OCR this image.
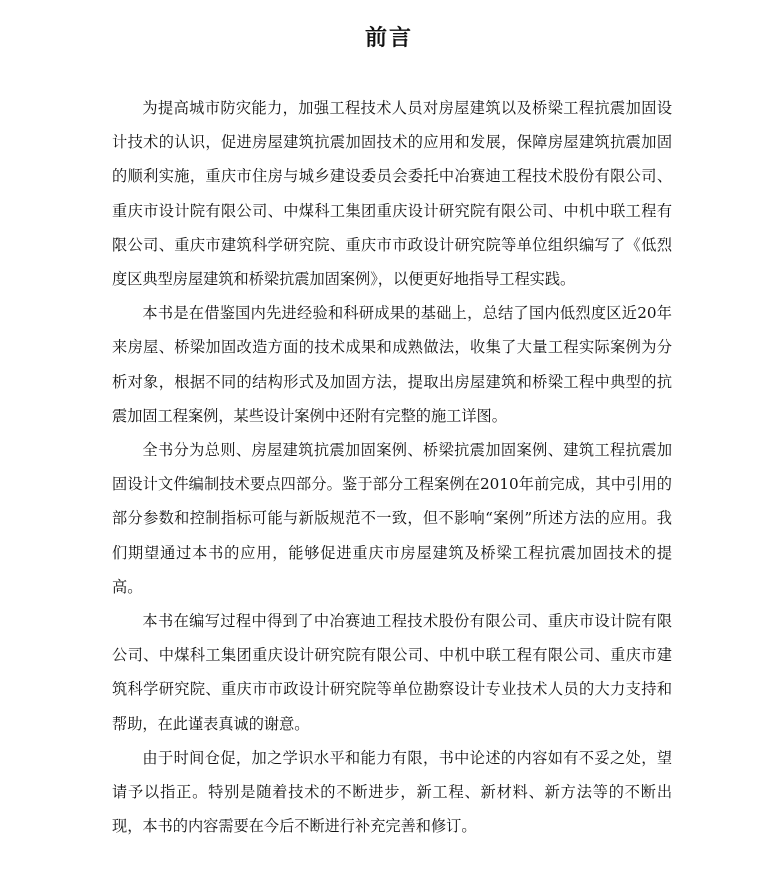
前言

为提高城市防灾能力，加强工程技术人员对房屋建筑以及桥梁工程抗震加固设计技术的认识，促进房屋建筑抗震加固技术的应用和发展，保障房屋建筑抗震加固的顺利实施，重庆市住房与城乡建设委员会委托中冶赛迪工程技术股份有限公司、重庆市设计院有限公司、中煤科工集团重庆设计研究院有限公司、中机中联工程有限公司、重庆市建筑科学研究院、重庆市市政设计研究院等单位组织编写了《低烈度区典型房屋建筑和桥梁抗震加固案例》，以便更好地指导工程实践。

本书是在借鉴国内先进经验和科研成果的基础上，总结了国内低烈度区近20年来房屋、桥梁加固改造方面的技术成果和成熟做法，收集了大量工程实际案例为分析对象，根据不同的结构形式及加固方法，提取出房屋建筑和桥梁工程中典型的抗震加固工程案例，某些设计案例中还附有完整的施工详图。

全书分为总则、房屋建筑抗震加固案例、桥梁抗震加固案例、建筑工程抗震加固设计文件编制技术要点四部分。鉴于部分工程案例在2010年前完成，其中引用的部分参数和控制指标可能与新版规范不一致，但不影响“案例”所述方法的应用。我们期望通过本书的应用，能够促进重庆市房屋建筑及桥梁工程抗震加固技术的提高。

本书在编写过程中得到了中冶赛迪工程技术股份有限公司、重庆市设计院有限公司、中煤科工集团重庆设计研究院有限公司、中机中联工程有限公司、重庆市建筑科学研究院、重庆市市政设计研究院等单位勘察设计专业技术人员的大力支持和帮助，在此谨表真诚的谢意。

由于时间仓促，加之学识水平和能力有限，书中论述的内容如有不妥之处，望请予以指正。特别是随着技术的不断进步，新工程、新材料、新方法等的不断出现，本书的内容需要在今后不断进行补充完善和修订。
